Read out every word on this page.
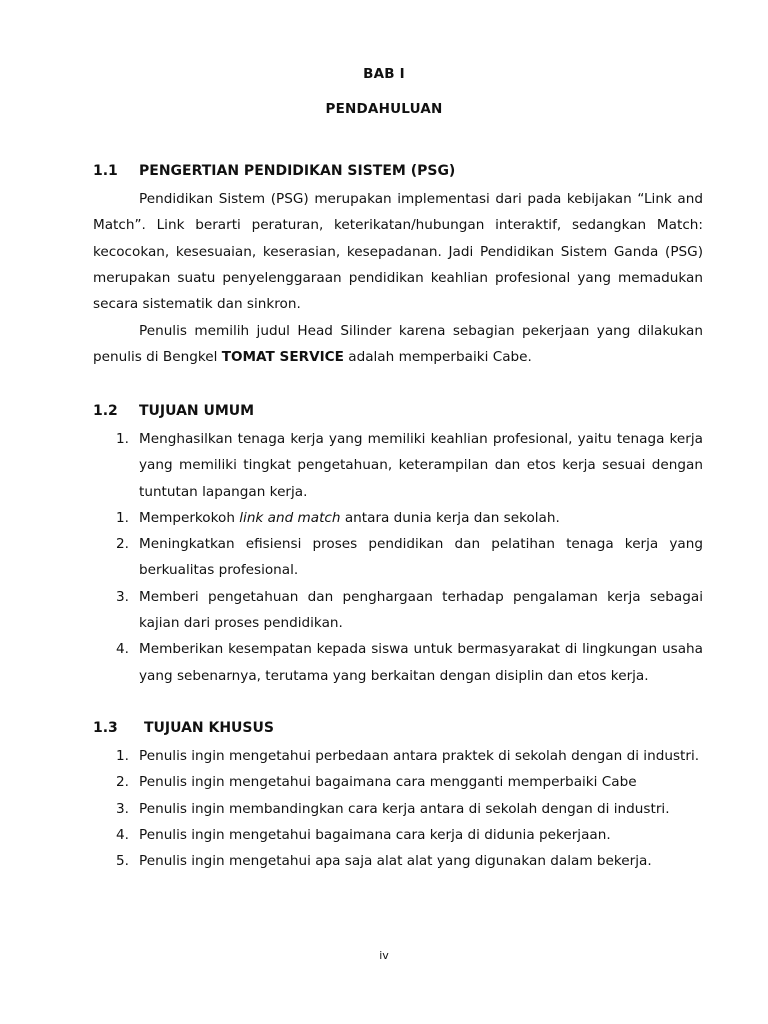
BAB I
PENDAHULUAN
1.1 PENGERTIAN PENDIDIKAN SISTEM (PSG)

Pendidikan Sistem (PSG) merupakan implementasi dari pada kebijakan “Link and Match”. Link berarti peraturan, keterikatan/hubungan interaktif, sedangkan Match: kecocokan, kesesuaian, keserasian, kesepadanan. Jadi Pendidikan Sistem Ganda (PSG) merupakan suatu penyelenggaraan pendidikan keahlian profesional yang memadukan secara sistematik dan sinkron.

Penulis memilih judul Head Silinder karena sebagian pekerjaan yang dilakukan penulis di Bengkel TOMAT SERVICE adalah memperbaiki Cabe.

1.2 TUJUAN UMUM
1. Menghasilkan tenaga kerja yang memiliki keahlian profesional, yaitu tenaga kerja yang memiliki tingkat pengetahuan, keterampilan dan etos kerja sesuai dengan tuntutan lapangan kerja.
1. Memperkokoh link and match antara dunia kerja dan sekolah.
2. Meningkatkan efisiensi proses pendidikan dan pelatihan tenaga kerja yang berkualitas profesional.
3. Memberi pengetahuan dan penghargaan terhadap pengalaman kerja sebagai kajian dari proses pendidikan.
4. Memberikan kesempatan kepada siswa untuk bermasyarakat di lingkungan usaha yang sebenarnya, terutama yang berkaitan dengan disiplin dan etos kerja.
1.3 TUJUAN KHUSUS
1. Penulis ingin mengetahui perbedaan antara praktek di sekolah dengan di industri.
2. Penulis ingin mengetahui bagaimana cara mengganti memperbaiki Cabe
3. Penulis ingin membandingkan cara kerja antara di sekolah dengan di industri.
4. Penulis ingin mengetahui bagaimana cara kerja di didunia pekerjaan.
5. Penulis ingin mengetahui apa saja alat alat yang digunakan dalam bekerja.
iv
